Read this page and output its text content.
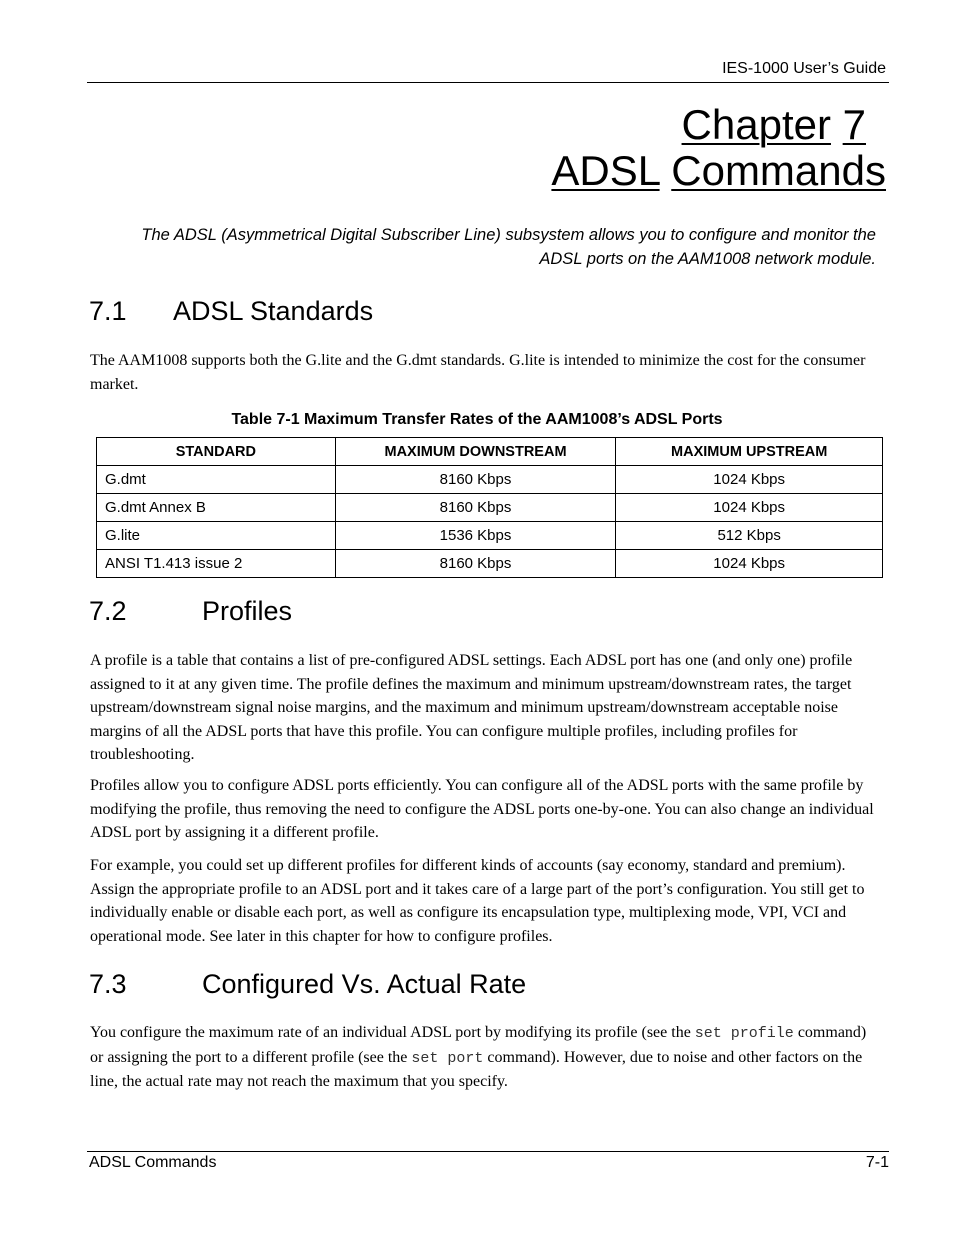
IES-1000 User’s Guide
Chapter 7
ADSL Commands
The ADSL (Asymmetrical Digital Subscriber Line) subsystem allows you to configure and monitor the ADSL ports on the AAM1008 network module.
7.1 ADSL Standards
The AAM1008 supports both the G.lite and the G.dmt standards. G.lite is intended to minimize the cost for the consumer market.
Table 7-1 Maximum Transfer Rates of the AAM1008’s ADSL Ports
STANDARD	MAXIMUM DOWNSTREAM	MAXIMUM UPSTREAM
G.dmt	8160 Kbps	1024 Kbps
G.dmt Annex B	8160 Kbps	1024 Kbps
G.lite	1536 Kbps	512 Kbps
ANSI T1.413 issue 2	8160 Kbps	1024 Kbps
7.2	Profiles
A profile is a table that contains a list of pre-configured ADSL settings. Each ADSL port has one (and only one) profile assigned to it at any given time. The profile defines the maximum and minimum upstream/downstream rates, the target upstream/downstream signal noise margins, and the maximum and minimum upstream/downstream acceptable noise margins of all the ADSL ports that have this profile. You can configure multiple profiles, including profiles for troubleshooting.
Profiles allow you to configure ADSL ports efficiently. You can configure all of the ADSL ports with the same profile by modifying the profile, thus removing the need to configure the ADSL ports one-by-one. You can also change an individual ADSL port by assigning it a different profile.
For example, you could set up different profiles for different kinds of accounts (say economy, standard and premium). Assign the appropriate profile to an ADSL port and it takes care of a large part of the port’s configuration. You still get to individually enable or disable each port, as well as configure its encapsulation type, multiplexing mode, VPI, VCI and operational mode. See later in this chapter for how to configure profiles.
7.3	Configured Vs. Actual Rate
You configure the maximum rate of an individual ADSL port by modifying its profile (see the set profile command) or assigning the port to a different profile (see the set port command). However, due to noise and other factors on the line, the actual rate may not reach the maximum that you specify.
ADSL Commands	7-1
